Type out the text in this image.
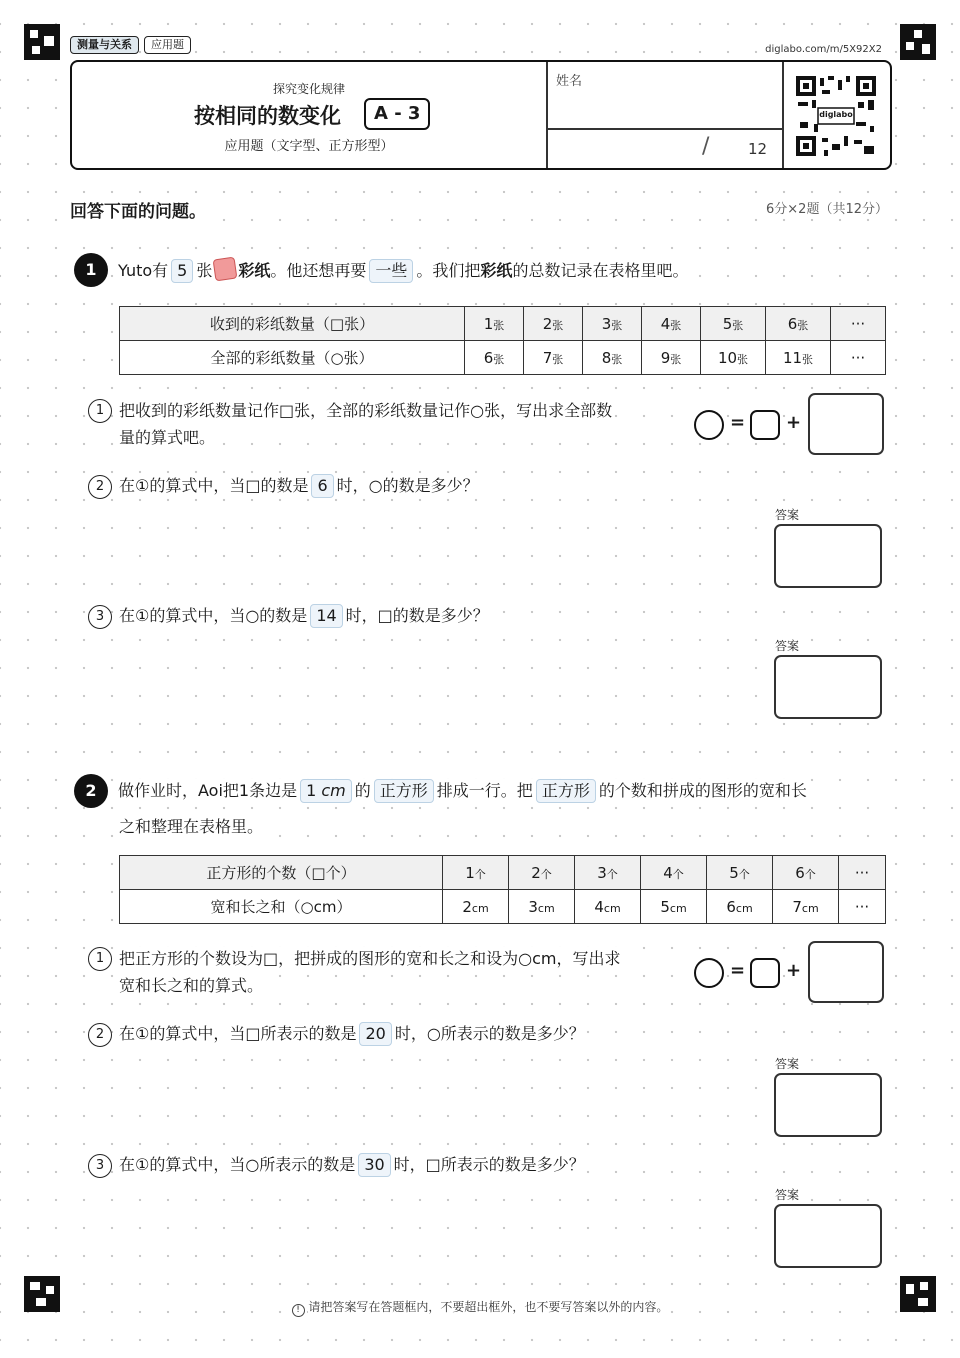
测量与关系	应用题	diglabo.com/m/5X92X2
探究变化规律
按相同的数变化	A - 3
应用题（文字型、正方形型）
姓名
/	12
diglabo
回答下面的问题。	6分×2题（共12分）
1	Yuto有 5 张 彩纸。他还想再要 一些 。我们把彩纸的总数记录在表格里吧。
收到的彩纸数量（□张）	1张	2张	3张	4张	5张	6张	···
全部的彩纸数量（○张）	6张	7张	8张	9张	10张	11张	···
1 把收到的彩纸数量记作□张，全部的彩纸数量记作○张，写出求全部数
量的算式吧。
= +
2 在①的算式中，当□的数是 6 时，○的数是多少？
答案
3 在①的算式中，当○的数是 14 时，□的数是多少？
答案
2	做作业时，Aoi把1条边是 1 cm 的 正方形 排成一行。把 正方形 的个数和拼成的图形的宽和长
之和整理在表格里。
正方形的个数（□个）	1个	2个	3个	4个	5个	6个	···
宽和长之和（○cm）	2cm	3cm	4cm	5cm	6cm	7cm	···
1 把正方形的个数设为□，把拼成的图形的宽和长之和设为○cm，写出求
宽和长之和的算式。
= +
2 在①的算式中，当□所表示的数是 20 时，○所表示的数是多少？
答案
3 在①的算式中，当○所表示的数是 30 时，□所表示的数是多少？
答案
! 请把答案写在答题框内，不要超出框外，也不要写答案以外的内容。
